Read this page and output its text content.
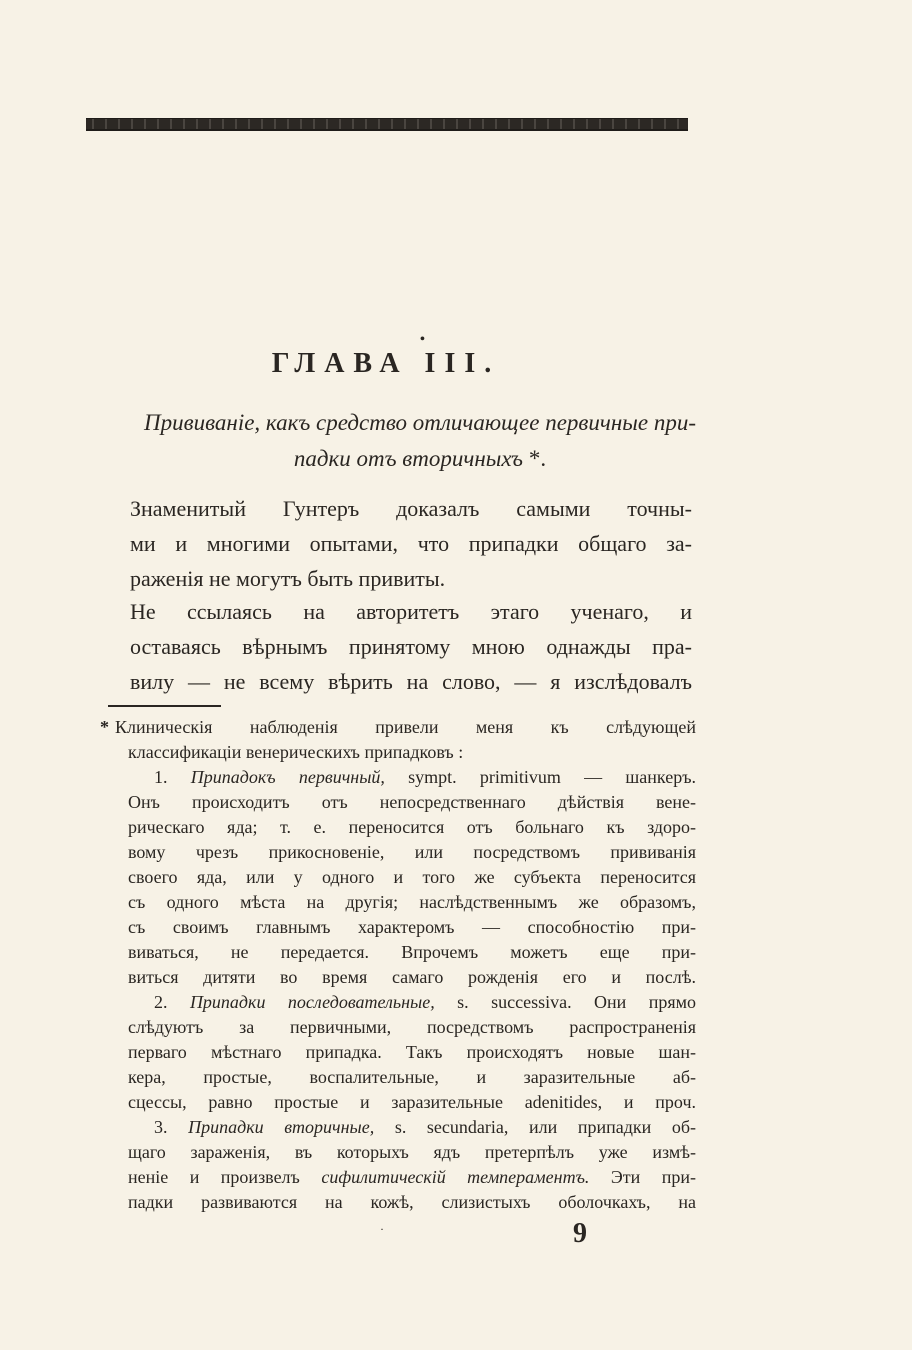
•
ГЛАВА III.
Прививаніе, какъ средство отличающее первичные при-
падки отъ вторичныхъ *.
Знаменитый Гунтеръ доказалъ самыми точны-
ми и многими опытами, что припадки общаго за-
раженія не могутъ быть привиты.
Не ссылаясь на авторитетъ этаго ученаго, и
оставаясь вѣрнымъ принятому мною однажды пра-
вилу — не всему вѣрить на слово, — я изслѣдовалъ
* Клиническія наблюденія привели меня къ слѣдующей
классификаціи венерическихъ припадковъ :
1. Припадокъ первичный, sympt. primitivum — шанкеръ.
Онъ происходитъ отъ непосредственнаго дѣйствія вене-
рическаго яда; т. е. переносится отъ больнаго къ здоро-
вому чрезъ прикосновеніе, или посредствомъ прививанія
своего яда, или у одного и того же субъекта переносится
съ одного мѣста на другія; наслѣдственнымъ же образомъ,
съ своимъ главнымъ характеромъ — способностію при-
виваться, не передается. Впрочемъ можетъ еще при-
виться дитяти во время самаго рожденія его и послѣ.
2. Припадки последовательные, s. successiva. Они прямо
слѣдуютъ за первичными, посредствомъ распространенія
перваго мѣстнаго припадка. Такъ происходятъ новые шан-
кера, простые, воспалительные, и заразительные аб-
сцессы, равно простые и заразительные adenitides, и проч.
3. Припадки вторичные, s. secundaria, или припадки об-
щаго зараженія, въ которыхъ ядъ претерпѣлъ уже измѣ-
неніе и произвелъ сифилитическій темпераментъ. Эти при-
падки развиваются на кожѣ, слизистыхъ оболочкахъ, на
·	9
